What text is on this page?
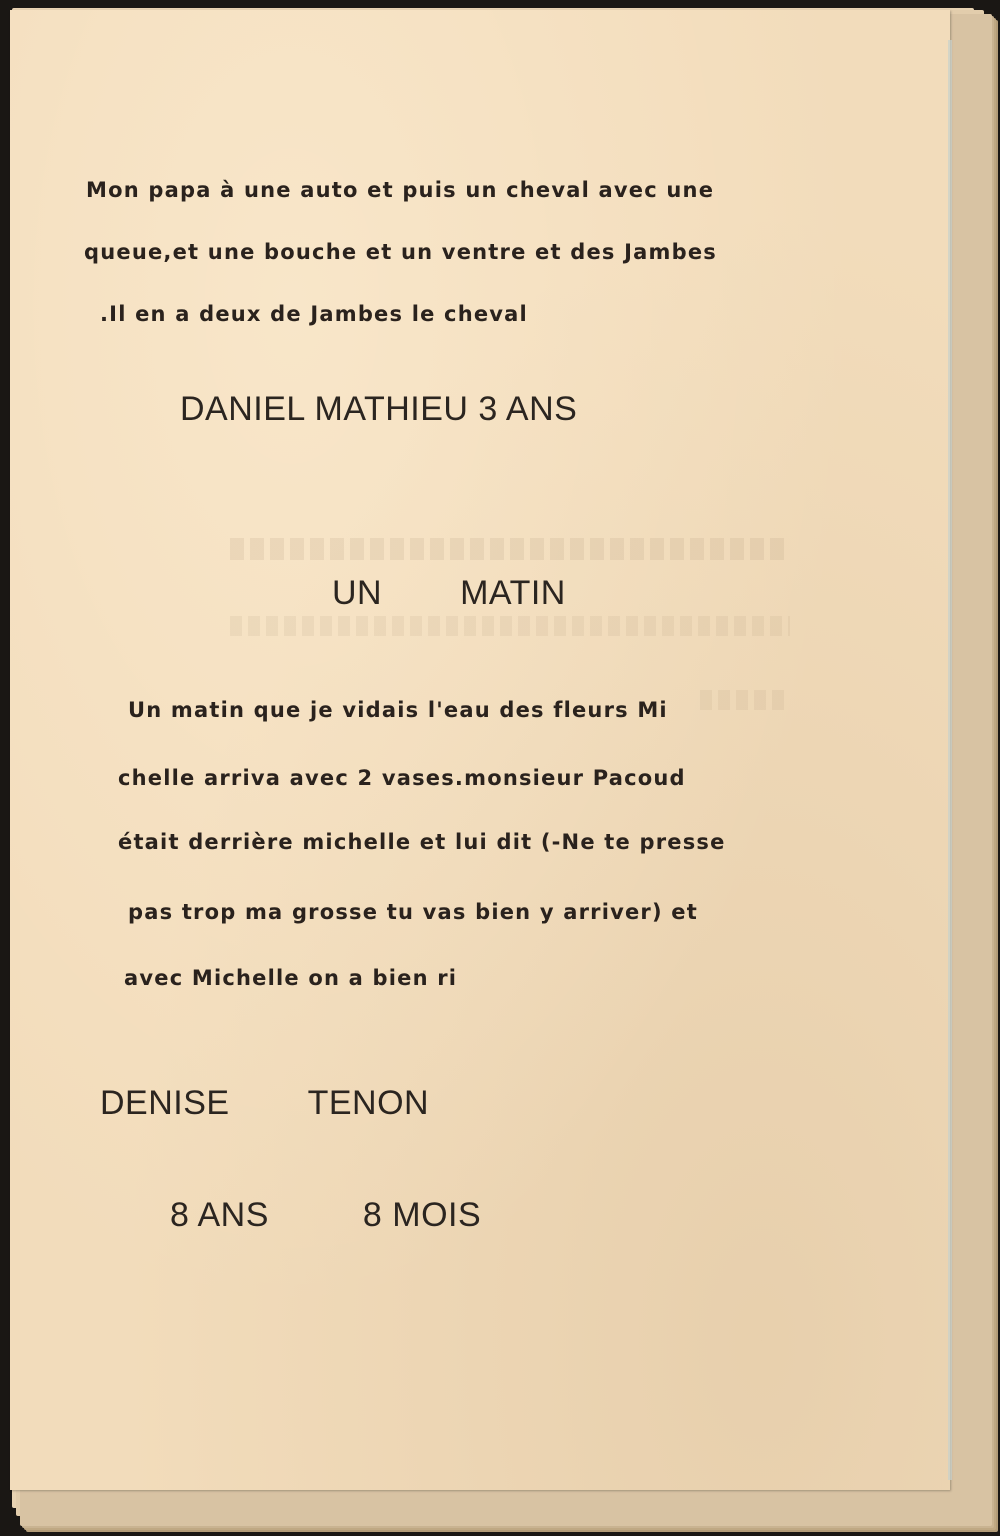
Mon papa à une auto et puis un cheval avec une
queue,et une bouche et un ventre et des Jambes
.Il en a deux de Jambes le cheval
DANIEL MATHIEU 3 ANS
UN MATIN
Un matin que je vidais l'eau des fleurs Mi
chelle arriva avec 2 vases.monsieur Pacoud
était derrière michelle et lui dit (-Ne te presse
pas trop ma grosse tu vas bien y arriver) et
avec Michelle on a bien ri
DENISE TENON
8 ANS	8 MOIS
